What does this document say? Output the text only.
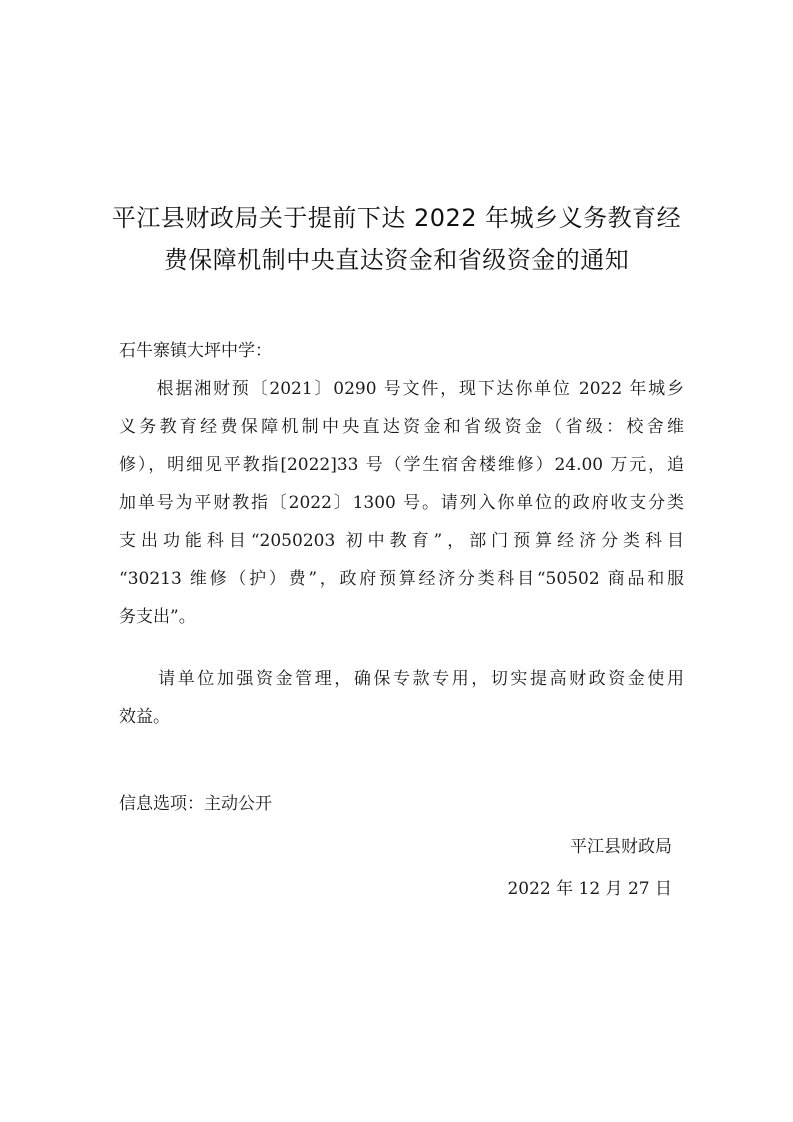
平江县财政局关于提前下达 2022 年城乡义务教育经
费保障机制中央直达资金和省级资金的通知
石牛寨镇大坪中学：
　　根据湘财预〔2021〕0290 号文件，现下达你单位 2022 年城乡
义务教育经费保障机制中央直达资金和省级资金（省级：校舍维
修），明细见平教指[2022]33 号（学生宿舍楼维修）24.00 万元，追
加单号为平财教指〔2022〕1300 号。请列入你单位的政府收支分类
支出功能科目“2050203 初中教育”，部门预算经济分类科目
“30213 维修（护）费”，政府预算经济分类科目“50502 商品和服
务支出”。
　　请单位加强资金管理，确保专款专用，切实提高财政资金使用
效益。
信息选项：主动公开
平江县财政局
2022 年 12 月 27 日
